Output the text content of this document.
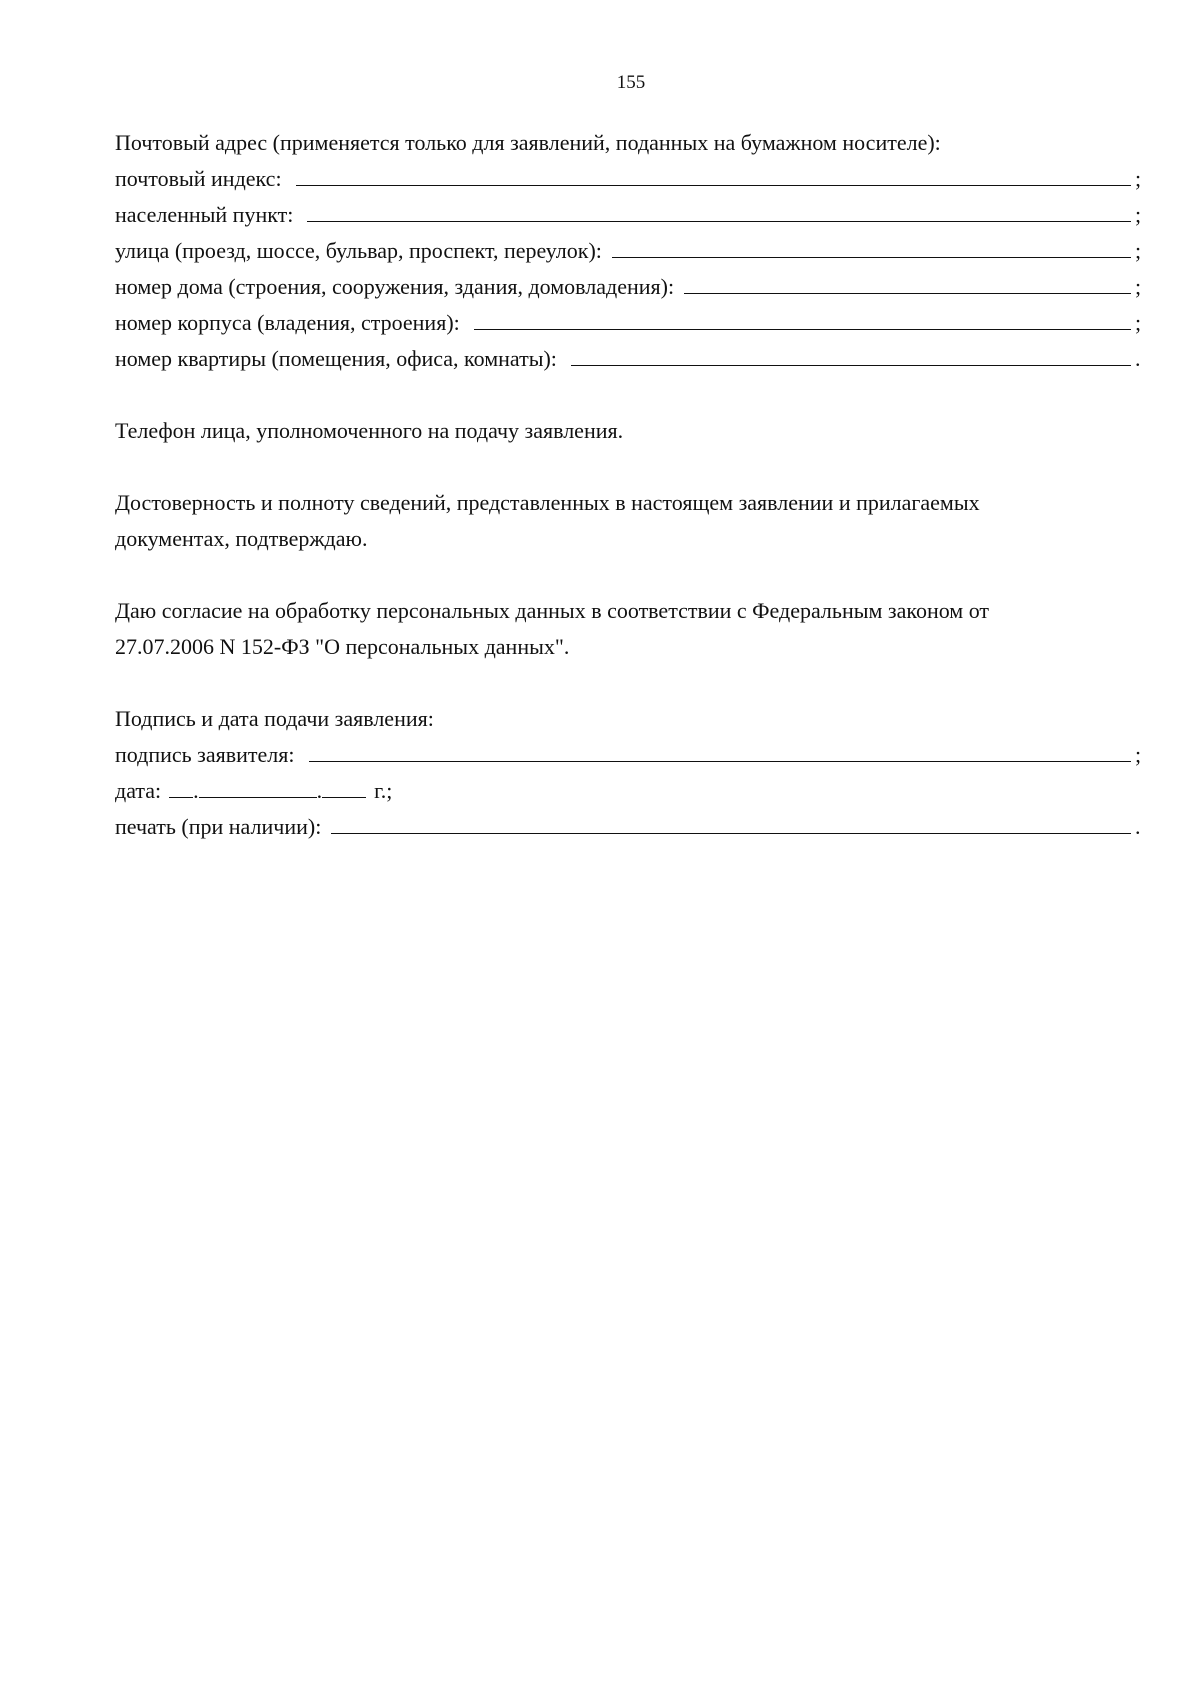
155
Почтовый адрес (применяется только для заявлений, поданных на бумажном носителе):
почтовый индекс:	;
населенный пункт:	;
улица (проезд, шоссе, бульвар, проспект, переулок):	;
номер дома (строения, сооружения, здания, домовладения):	;
номер корпуса (владения, строения):	;
номер квартиры (помещения, офиса, комнаты):	.
Телефон лица, уполномоченного на подачу заявления.
Достоверность и полноту сведений, представленных в настоящем заявлении и прилагаемых
документах, подтверждаю.
Даю согласие на обработку персональных данных в соответствии с Федеральным законом от
27.07.2006 N 152-ФЗ "О персональных данных".
Подпись и дата подачи заявления:
подпись заявителя:	;
дата: .	. г.;
печать (при наличии):	.
